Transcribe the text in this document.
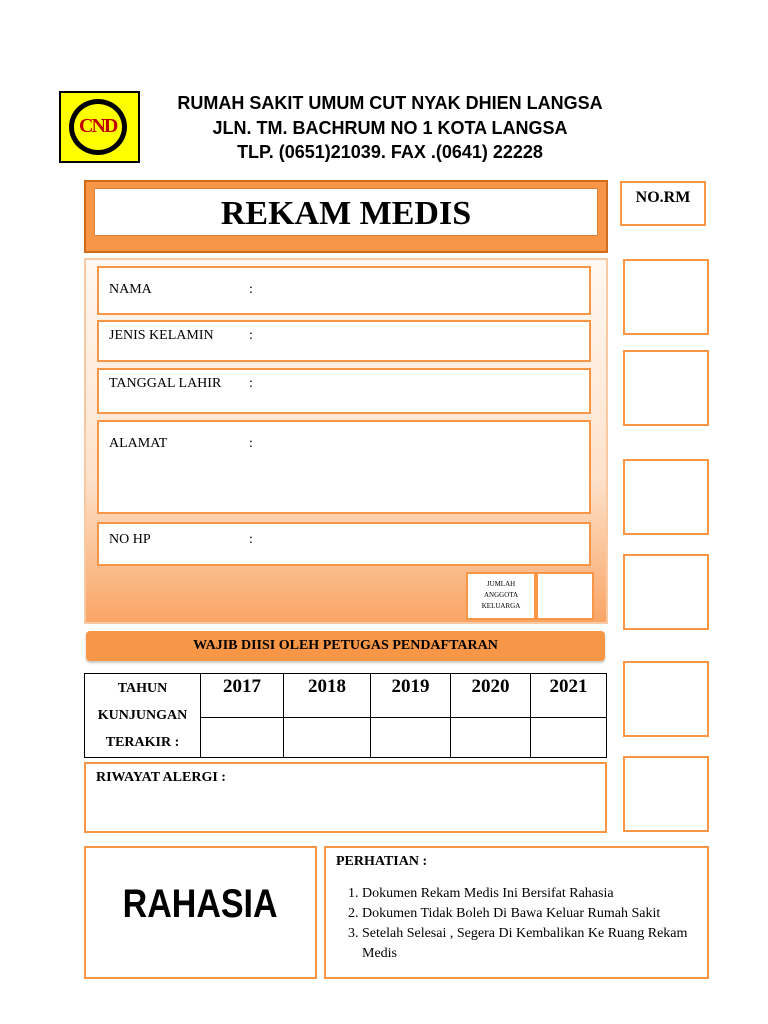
CND
RUMAH SAKIT UMUM CUT NYAK DHIEN LANGSA
JLN. TM. BACHRUM NO 1 KOTA LANGSA
TLP. (0651)21039. FAX .(0641) 22228
REKAM MEDIS	NO.RM
NAMA	:
JENIS KELAMIN	:
TANGGAL LAHIR :
ALAMAT	:
NO HP	:
JUMLAH
ANGGOTA
KELUARGA
WAJIB DIISI OLEH PETUGAS PENDAFTARAN
TAHUN
KUNJUNGAN
TERAKIR :	2017	2018	2019	2020	2021

RIWAYAT ALERGI :
RAHASIA
PERHATIAN :
1. Dokumen Rekam Medis Ini Bersifat Rahasia
2. Dokumen Tidak Boleh Di Bawa Keluar Rumah Sakit
3. Setelah Selesai , Segera Di Kembalikan Ke Ruang Rekam Medis
